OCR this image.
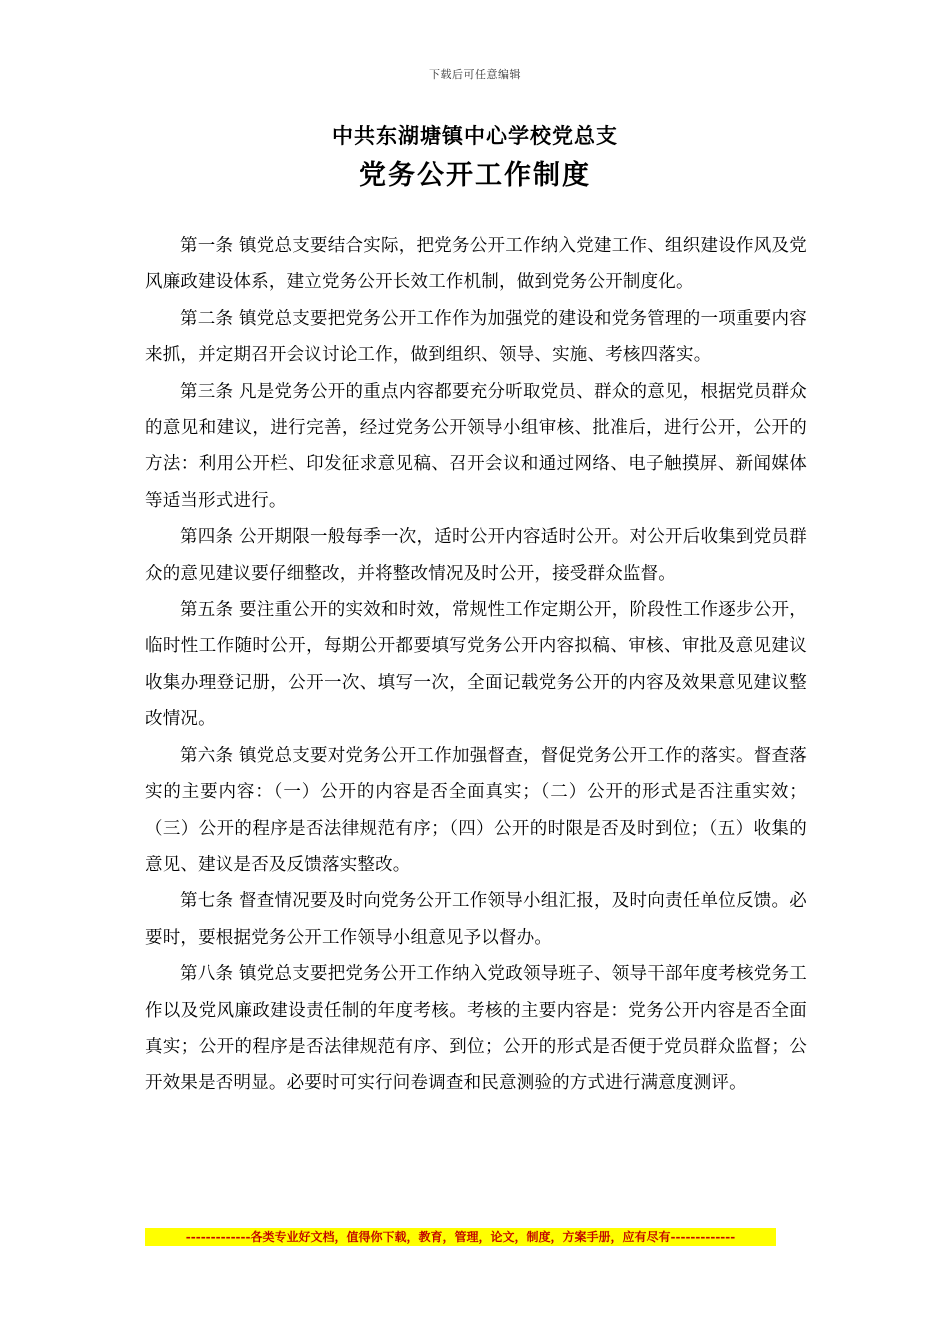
下载后可任意编辑
中共东湖塘镇中心学校党总支
党务公开工作制度

第一条 镇党总支要结合实际，把党务公开工作纳入党建工作、组织建设作风及党风廉政建设体系，建立党务公开长效工作机制，做到党务公开制度化。

第二条 镇党总支要把党务公开工作作为加强党的建设和党务管理的一项重要内容来抓，并定期召开会议讨论工作，做到组织、领导、实施、考核四落实。

第三条 凡是党务公开的重点内容都要充分听取党员、群众的意见，根据党员群众的意见和建议，进行完善，经过党务公开领导小组审核、批准后，进行公开，公开的方法：利用公开栏、印发征求意见稿、召开会议和通过网络、电子触摸屏、新闻媒体等适当形式进行。

第四条 公开期限一般每季一次，适时公开内容适时公开。对公开后收集到党员群众的意见建议要仔细整改，并将整改情况及时公开，接受群众监督。

第五条 要注重公开的实效和时效，常规性工作定期公开，阶段性工作逐步公开，临时性工作随时公开，每期公开都要填写党务公开内容拟稿、审核、审批及意见建议收集办理登记册，公开一次、填写一次，全面记载党务公开的内容及效果意见建议整改情况。

第六条 镇党总支要对党务公开工作加强督查，督促党务公开工作的落实。督查落实的主要内容：（一）公开的内容是否全面真实；（二）公开的形式是否注重实效；（三）公开的程序是否法律规范有序；（四）公开的时限是否及时到位；（五）收集的意见、建议是否及反馈落实整改。

第七条 督查情况要及时向党务公开工作领导小组汇报，及时向责任单位反馈。必要时，要根据党务公开工作领导小组意见予以督办。

第八条 镇党总支要把党务公开工作纳入党政领导班子、领导干部年度考核党务工作以及党风廉政建设责任制的年度考核。考核的主要内容是：党务公开内容是否全面真实；公开的程序是否法律规范有序、到位；公开的形式是否便于党员群众监督；公开效果是否明显。必要时可实行问卷调查和民意测验的方式进行满意度测评。

-------------各类专业好文档，值得你下载，教育，管理，论文，制度，方案手册，应有尽有-------------
